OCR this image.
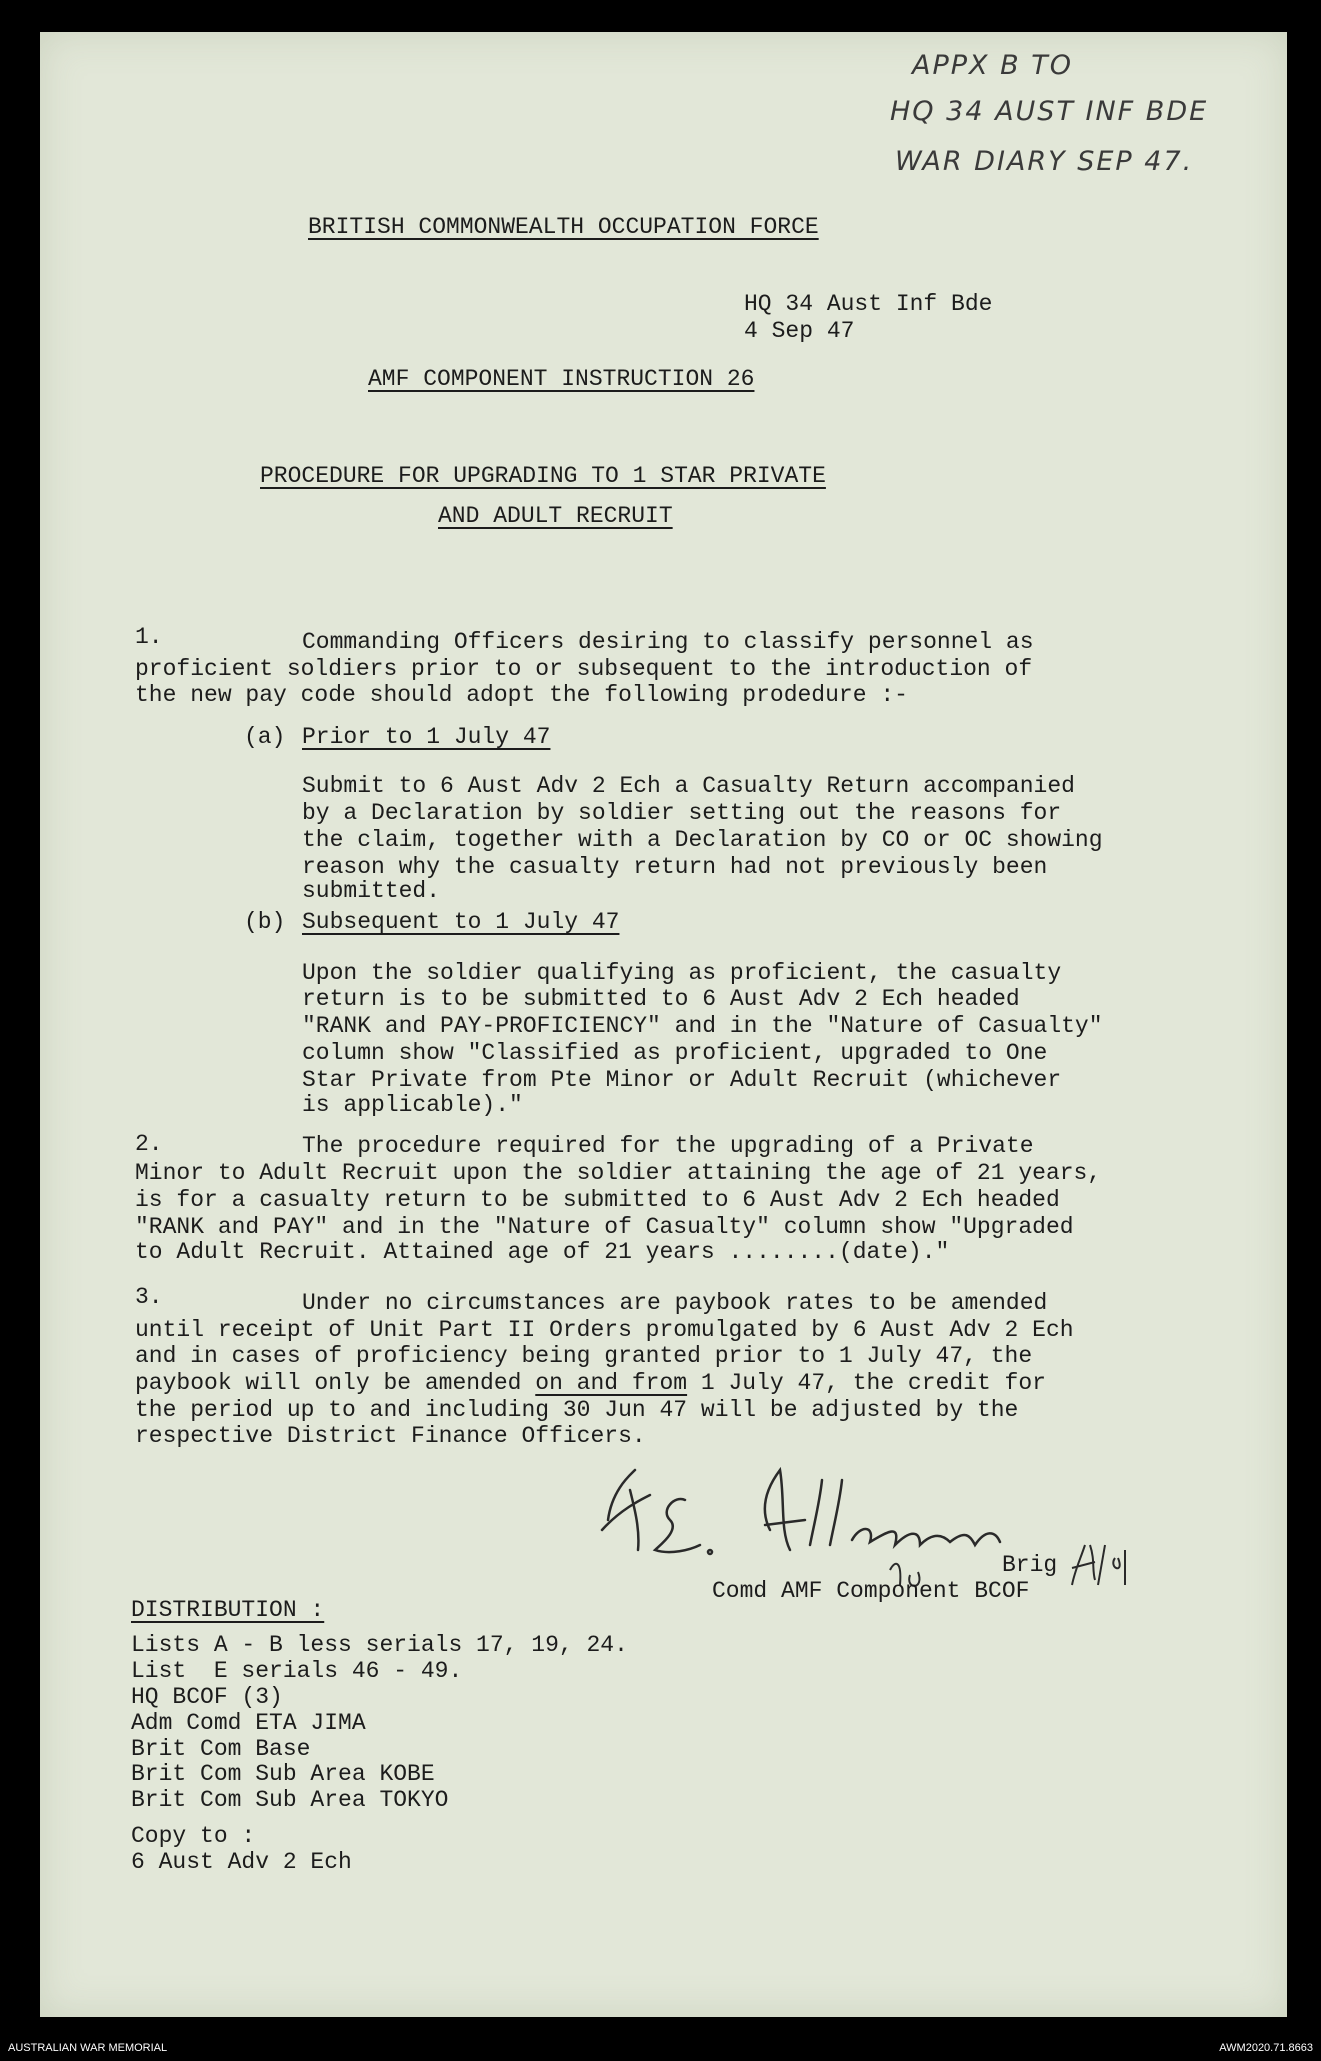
APPX B TO
HQ 34 AUST INF BDE
WAR DIARY SEP 47.
BRITISH COMMONWEALTH OCCUPATION FORCE
HQ 34 Aust Inf Bde
4 Sep 47
AMF COMPONENT INSTRUCTION 26
PROCEDURE FOR UPGRADING TO 1 STAR PRIVATE
AND ADULT RECRUIT
1.	Commanding Officers desiring to classify personnel as
proficient soldiers prior to or subsequent to the introduction of
the new pay code should adopt the following prodedure :-
(a) Prior to 1 July 47
Submit to 6 Aust Adv 2 Ech a Casualty Return accompanied
by a Declaration by soldier setting out the reasons for
the claim, together with a Declaration by CO or OC showing
reason why the casualty return had not previously been
submitted.
(b) Subsequent to 1 July 47
Upon the soldier qualifying as proficient, the casualty
return is to be submitted to 6 Aust Adv 2 Ech headed
"RANK and PAY-PROFICIENCY" and in the "Nature of Casualty"
column show "Classified as proficient, upgraded to One
Star Private from Pte Minor or Adult Recruit (whichever
is applicable)."
2.	The procedure required for the upgrading of a Private
Minor to Adult Recruit upon the soldier attaining the age of 21 years,
is for a casualty return to be submitted to 6 Aust Adv 2 Ech headed
"RANK and PAY" and in the "Nature of Casualty" column show "Upgraded
to Adult Recruit. Attained age of 21 years ........(date)."
3.	Under no circumstances are paybook rates to be amended
until receipt of Unit Part II Orders promulgated by 6 Aust Adv 2 Ech
and in cases of proficiency being granted prior to 1 July 47, the
paybook will only be amended on and from 1 July 47, the credit for
the period up to and including 30 Jun 47 will be adjusted by the
respective District Finance Officers.
Brig
Comd AMF Component BCOF
DISTRIBUTION :
Lists A - B less serials 17, 19, 24.
List  E serials 46 - 49.
HQ BCOF (3)
Adm Comd ETA JIMA
Brit Com Base
Brit Com Sub Area KOBE
Brit Com Sub Area TOKYO
Copy to :
6 Aust Adv 2 Ech
AUSTRALIAN WAR MEMORIAL	AWM2020.71.8663
